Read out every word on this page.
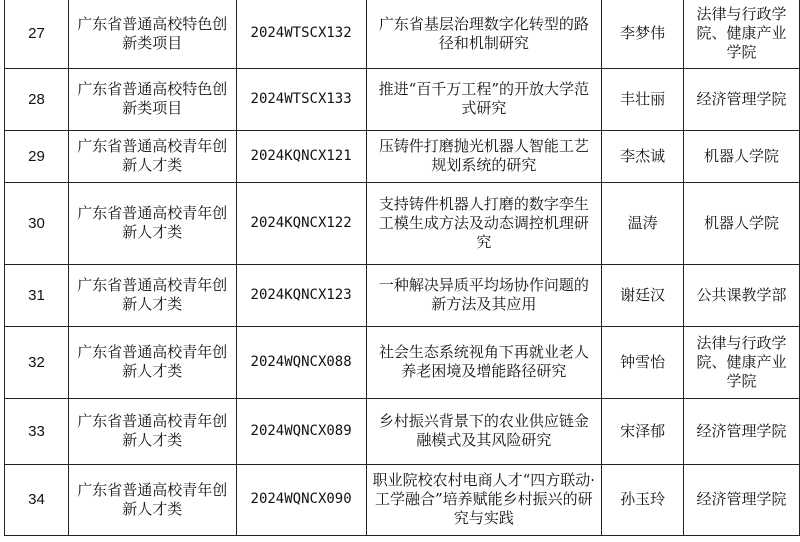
27	广东省普通高校特色创新类项目	2024WTSCX132	广东省基层治理数字化转型的路径和机制研究	李梦伟	法律与行政学院、健康产业学院
28	广东省普通高校特色创新类项目	2024WTSCX133	推进“百千万工程”的开放大学范式研究	丰壮丽	经济管理学院
29	广东省普通高校青年创新人才类	2024KQNCX121	压铸件打磨抛光机器人智能工艺规划系统的研究	李杰诚	机器人学院
30	广东省普通高校青年创新人才类	2024KQNCX122	支持铸件机器人打磨的数字孪生工模生成方法及动态调控机理研究	温涛	机器人学院
31	广东省普通高校青年创新人才类	2024KQNCX123	一种解决异质平均场协作问题的新方法及其应用	谢廷汉	公共课教学部
32	广东省普通高校青年创新人才类	2024WQNCX088	社会生态系统视角下再就业老人养老困境及增能路径研究	钟雪怡	法律与行政学院、健康产业学院
33	广东省普通高校青年创新人才类	2024WQNCX089	乡村振兴背景下的农业供应链金融模式及其风险研究	宋泽郁	经济管理学院
34	广东省普通高校青年创新人才类	2024WQNCX090	职业院校农村电商人才“四方联动·工学融合”培养赋能乡村振兴的研究与实践	孙玉玲	经济管理学院
